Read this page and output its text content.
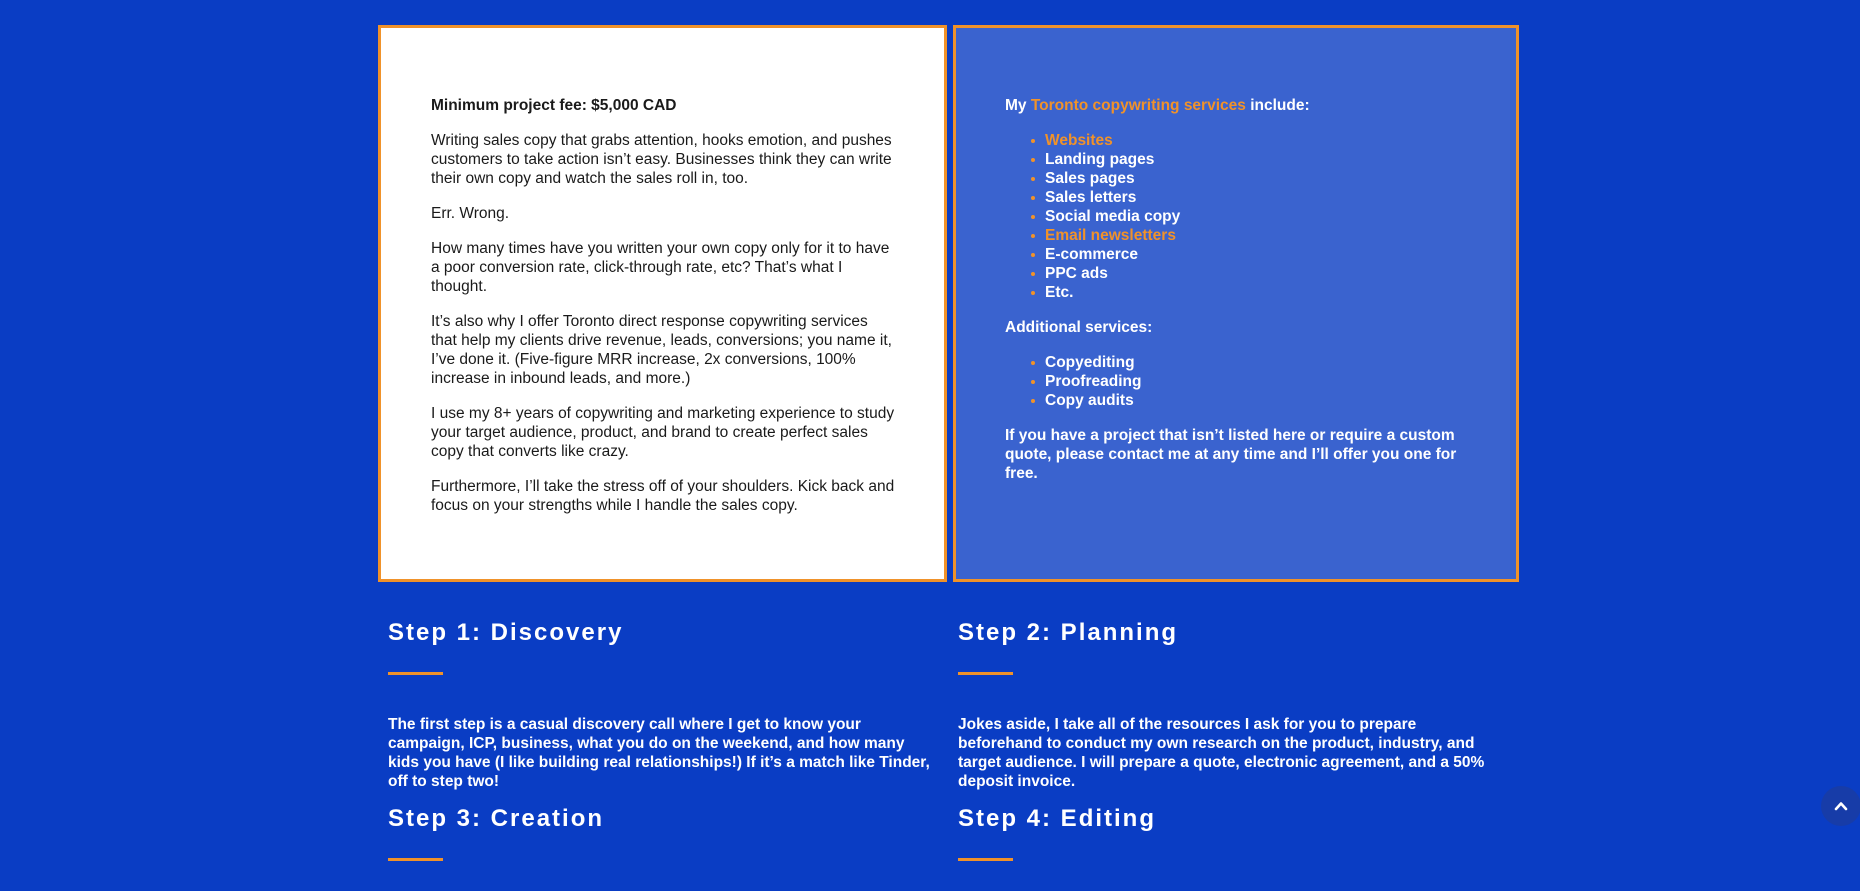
Minimum project fee: $5,000 CAD

Writing sales copy that grabs attention, hooks emotion, and pushes customers to take action isn’t easy. Businesses think they can write their own copy and watch the sales roll in, too.

Err. Wrong.

How many times have you written your own copy only for it to have a poor conversion rate, click-through rate, etc? That’s what I thought.

It’s also why I offer Toronto direct response copywriting services that help my clients drive revenue, leads, conversions; you name it, I’ve done it. (Five-figure MRR increase, 2x conversions, 100% increase in inbound leads, and more.)

I use my 8+ years of copywriting and marketing experience to study your target audience, product, and brand to create perfect sales copy that converts like crazy.

Furthermore, I’ll take the stress off of your shoulders. Kick back and focus on your strengths while I handle the sales copy.

My Toronto copywriting services include:

Websites
Landing pages
Sales pages
Sales letters
Social media copy
Email newsletters
E-commerce
PPC ads
Etc.

Additional services:

Copyediting
Proofreading
Copy audits

If you have a project that isn’t listed here or require a custom quote, please contact me at any time and I’ll offer you one for free.

Step 1: Discovery

The first step is a casual discovery call where I get to know your campaign, ICP, business, what you do on the weekend, and how many kids you have (I like building real relationships!) If it’s a match like Tinder, off to step two!

Step 2: Planning

Jokes aside, I take all of the resources I ask for you to prepare beforehand to conduct my own research on the product, industry, and target audience. I will prepare a quote, electronic agreement, and a 50% deposit invoice.

Step 3: Creation	Step 4: Editing
